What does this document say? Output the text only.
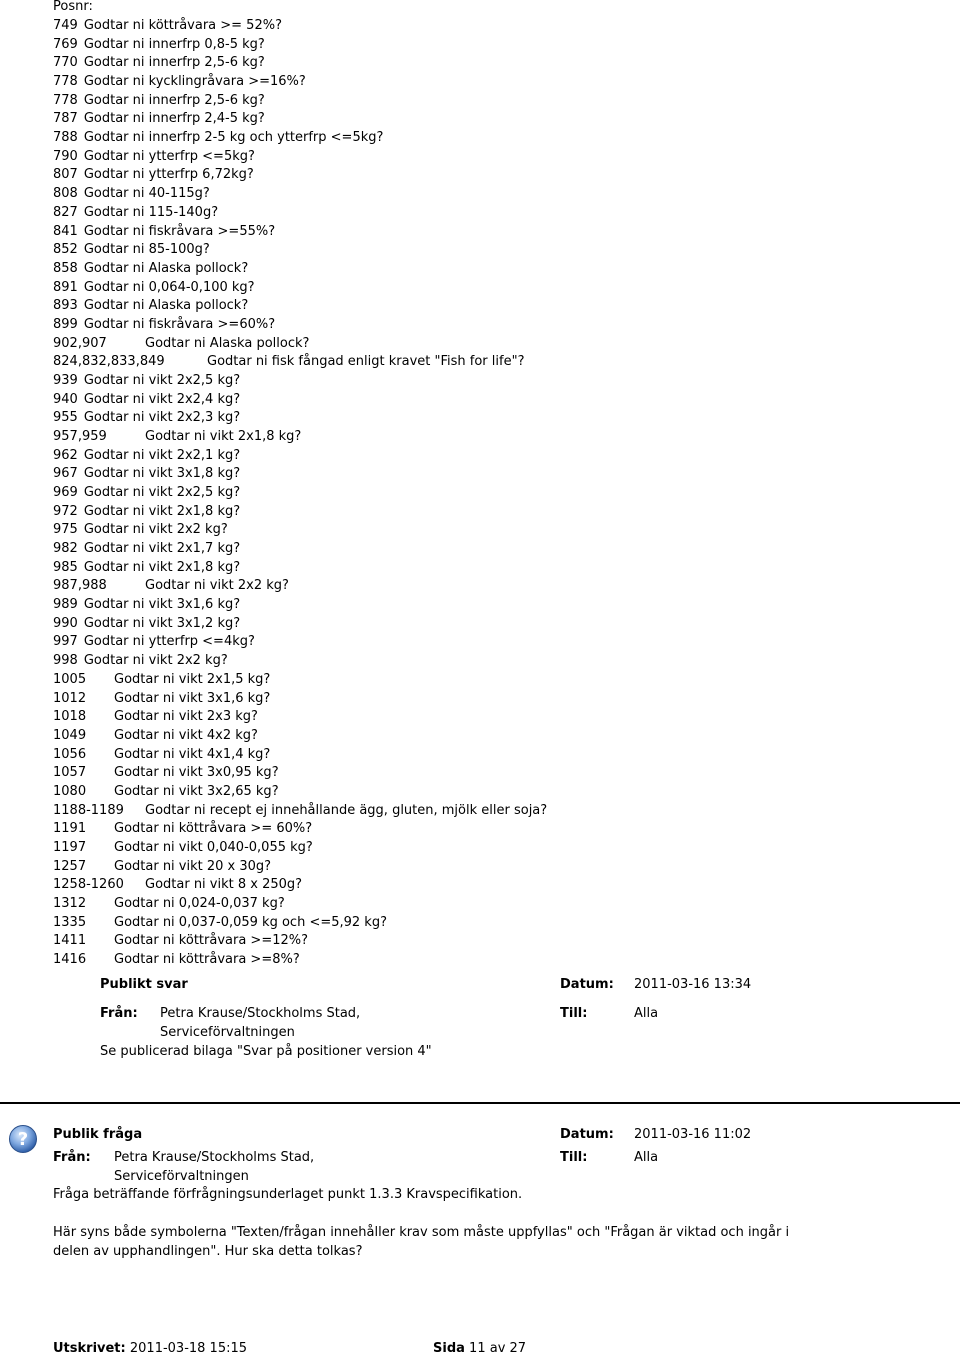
Posnr:
749 Godtar ni köttråvara >= 52%?
769 Godtar ni innerfrp 0,8-5 kg?
770 Godtar ni innerfrp 2,5-6 kg?
778 Godtar ni kycklingråvara >=16%?
778 Godtar ni innerfrp 2,5-6 kg?
787 Godtar ni innerfrp 2,4-5 kg?
788 Godtar ni innerfrp 2-5 kg och ytterfrp <=5kg?
790 Godtar ni ytterfrp <=5kg?
807 Godtar ni ytterfrp 6,72kg?
808 Godtar ni 40-115g?
827 Godtar ni 115-140g?
841 Godtar ni fiskråvara >=55%?
852 Godtar ni 85-100g?
858 Godtar ni Alaska pollock?
891 Godtar ni 0,064-0,100 kg?
893 Godtar ni Alaska pollock?
899 Godtar ni fiskråvara >=60%?
902,907	Godtar ni Alaska pollock?
824,832,833,849	Godtar ni fisk fångad enligt kravet "Fish for life"?
939 Godtar ni vikt 2x2,5 kg?
940 Godtar ni vikt 2x2,4 kg?
955 Godtar ni vikt 2x2,3 kg?
957,959	Godtar ni vikt 2x1,8 kg?
962 Godtar ni vikt 2x2,1 kg?
967 Godtar ni vikt 3x1,8 kg?
969 Godtar ni vikt 2x2,5 kg?
972 Godtar ni vikt 2x1,8 kg?
975 Godtar ni vikt 2x2 kg?
982 Godtar ni vikt 2x1,7 kg?
985 Godtar ni vikt 2x1,8 kg?
987,988	Godtar ni vikt 2x2 kg?
989 Godtar ni vikt 3x1,6 kg?
990 Godtar ni vikt 3x1,2 kg?
997 Godtar ni ytterfrp <=4kg?
998 Godtar ni vikt 2x2 kg?
1005 Godtar ni vikt 2x1,5 kg?
1012 Godtar ni vikt 3x1,6 kg?
1018 Godtar ni vikt 2x3 kg?
1049 Godtar ni vikt 4x2 kg?
1056 Godtar ni vikt 4x1,4 kg?
1057 Godtar ni vikt 3x0,95 kg?
1080 Godtar ni vikt 3x2,65 kg?
1188-1189 Godtar ni recept ej innehållande ägg, gluten, mjölk eller soja?
1191 Godtar ni köttråvara >= 60%?
1197 Godtar ni vikt 0,040-0,055 kg?
1257 Godtar ni vikt 20 x 30g?
1258-1260 Godtar ni vikt 8 x 250g?
1312 Godtar ni 0,024-0,037 kg?
1335 Godtar ni 0,037-0,059 kg och <=5,92 kg?
1411 Godtar ni köttråvara >=12%?
1416 Godtar ni köttråvara >=8%?
Publikt svar	Datum: 2011-03-16 13:34
Från: Petra Krause/Stockholms Stad,
Serviceförvaltningen
Till:	Alla
Se publicerad bilaga "Svar på positioner version 4"
? Publik fråga	Datum: 2011-03-16 11:02
Från: Petra Krause/Stockholms Stad,
Serviceförvaltningen
Till:	Alla
Fråga beträffande förfrågningsunderlaget punkt 1.3.3 Kravspecifikation.
Här syns både symbolerna "Texten/frågan innehåller krav som måste uppfyllas" och "Frågan är viktad och ingår i
delen av upphandlingen". Hur ska detta tolkas?
Utskrivet: 2011-03-18 15:15	Sida 11 av 27
